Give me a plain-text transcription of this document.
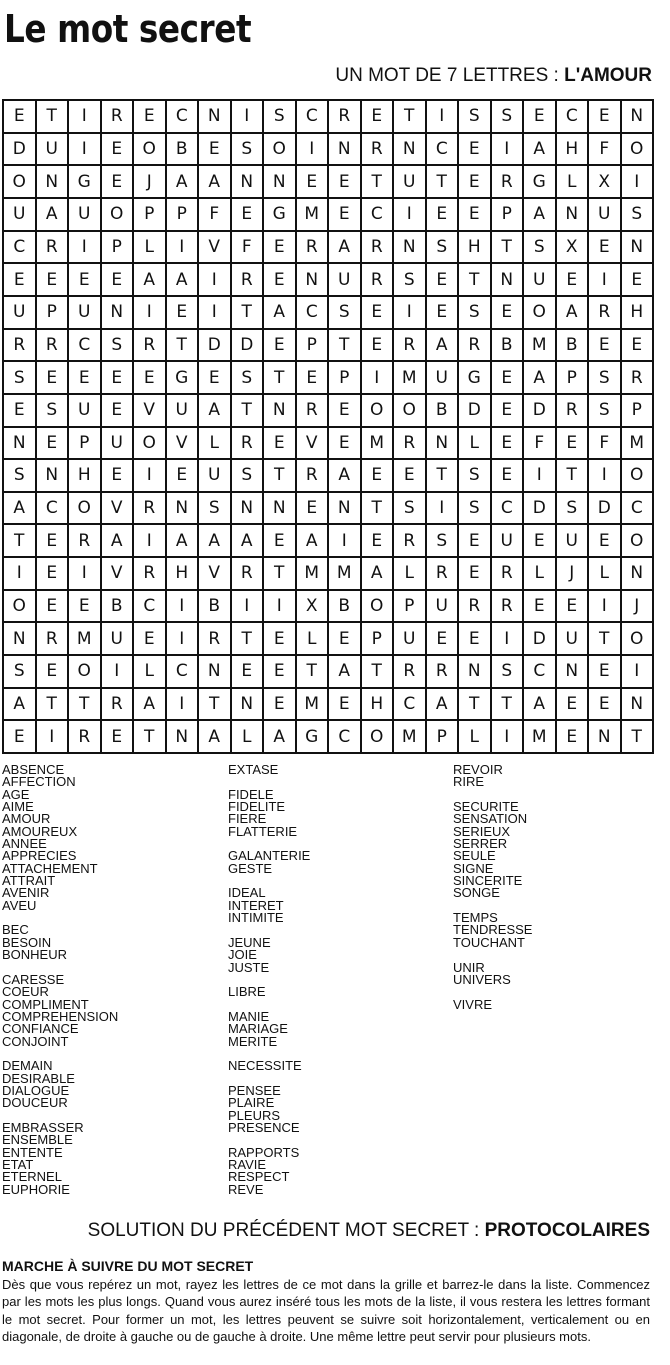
Le mot secret
UN MOT DE 7 LETTRES : L'AMOUR
E	T	I	R	E	C	N	I	S	C	R	E	T	I	S	S	E	C	E	N
D	U	I	E	O	B	E	S	O	I	N	R	N	C	E	I	A	H	F	O
O	N	G	E	J	A	A	N	N	E	E	T	U	T	E	R	G	L	X	I
U	A	U	O	P	P	F	E	G	M	E	C	I	E	E	P	A	N	U	S
C	R	I	P	L	I	V	F	E	R	A	R	N	S	H	T	S	X	E	N
E	E	E	E	A	A	I	R	E	N	U	R	S	E	T	N	U	E	I	E
U	P	U	N	I	E	I	T	A	C	S	E	I	E	S	E	O	A	R	H
R	R	C	S	R	T	D	D	E	P	T	E	R	A	R	B	M	B	E	E
S	E	E	E	E	G	E	S	T	E	P	I	M	U	G	E	A	P	S	R
E	S	U	E	V	U	A	T	N	R	E	O	O	B	D	E	D	R	S	P
N	E	P	U	O	V	L	R	E	V	E	M	R	N	L	E	F	E	F	M
S	N	H	E	I	E	U	S	T	R	A	E	E	T	S	E	I	T	I	O
A	C	O	V	R	N	S	N	N	E	N	T	S	I	S	C	D	S	D	C
T	E	R	A	I	A	A	A	E	A	I	E	R	S	E	U	E	U	E	O
I	E	I	V	R	H	V	R	T	M	M	A	L	R	E	R	L	J	L	N
O	E	E	B	C	I	B	I	I	X	B	O	P	U	R	R	E	E	I	J
N	R	M	U	E	I	R	T	E	L	E	P	U	E	E	I	D	U	T	O
S	E	O	I	L	C	N	E	E	T	A	T	R	R	N	S	C	N	E	I
A	T	T	R	A	I	T	N	E	M	E	H	C	A	T	T	A	E	E	N
E	I	R	E	T	N	A	L	A	G	C	O	M	P	L	I	M	E	N	T
ABSENCE
AFFECTION
AGE
AIME
AMOUR
AMOUREUX
ANNEE
APPRECIES
ATTACHEMENT
ATTRAIT
AVENIR
AVEU
BEC
BESOIN
BONHEUR
CARESSE
COEUR
COMPLIMENT
COMPREHENSION
CONFIANCE
CONJOINT
DEMAIN
DESIRABLE
DIALOGUE
DOUCEUR
EMBRASSER
ENSEMBLE
ENTENTE
ETAT
ETERNEL
EUPHORIE
EXTASE
FIDELE
FIDELITE
FIERE
FLATTERIE
GALANTERIE
GESTE
IDEAL
INTERET
INTIMITE
JEUNE
JOIE
JUSTE
LIBRE
MANIE
MARIAGE
MERITE
NECESSITE
PENSEE
PLAIRE
PLEURS
PRESENCE
RAPPORTS
RAVIE
RESPECT
REVE
REVOIR
RIRE
SECURITE
SENSATION
SERIEUX
SERRER
SEULE
SIGNE
SINCERITE
SONGE
TEMPS
TENDRESSE
TOUCHANT
UNIR
UNIVERS
VIVRE
SOLUTION DU PRÉCÉDENT MOT SECRET : PROTOCOLAIRES
MARCHE À SUIVRE DU MOT SECRET
Dès que vous repérez un mot, rayez les lettres de ce mot dans la grille et barrez-le dans la liste. Commencez par les mots les plus longs. Quand vous aurez inséré tous les mots de la liste, il vous restera les lettres formant le mot secret. Pour former un mot, les lettres peuvent se suivre soit horizontalement, verticalement ou en diagonale, de droite à gauche ou de gauche à droite. Une même lettre peut servir pour plusieurs mots.
